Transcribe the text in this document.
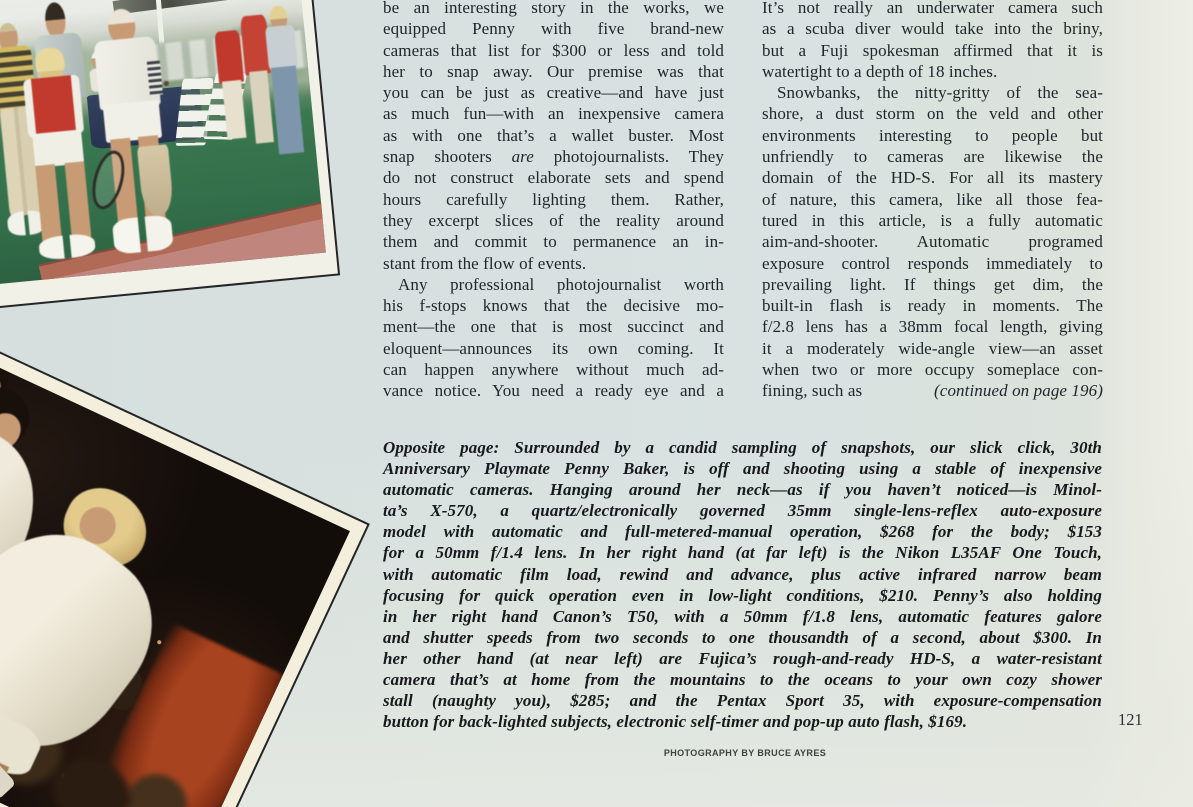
be an interesting story in the works, we
equipped Penny with five brand-new
cameras that list for $300 or less and told
her to snap away. Our premise was that
you can be just as creative—and have just
as much fun—with an inexpensive camera
as with one that’s a wallet buster. Most
snap shooters are photojournalists. They
do not construct elaborate sets and spend
hours carefully lighting them. Rather,
they excerpt slices of the reality around
them and commit to permanence an in-
stant from the flow of events.
Any professional photojournalist worth
his f-stops knows that the decisive mo-
ment—the one that is most succinct and
eloquent—announces its own coming. It
can happen anywhere without much ad-
vance notice. You need a ready eye and a
It’s not really an underwater camera such
as a scuba diver would take into the briny,
but a Fuji spokesman affirmed that it is
watertight to a depth of 18 inches.
Snowbanks, the nitty-gritty of the sea-
shore, a dust storm on the veld and other
environments interesting to people but
unfriendly to cameras are likewise the
domain of the HD-S. For all its mastery
of nature, this camera, like all those fea-
tured in this article, is a fully automatic
aim-and-shooter. Automatic programed
exposure control responds immediately to
prevailing light. If things get dim, the
built-in flash is ready in moments. The
f/2.8 lens has a 38mm focal length, giving
it a moderately wide-angle view—an asset
when two or more occupy someplace con-
fining, such as	(continued on page 196)
Opposite page: Surrounded by a candid sampling of snapshots, our slick click, 30th
Anniversary Playmate Penny Baker, is off and shooting using a stable of inexpensive
automatic cameras. Hanging around her neck—as if you haven’t noticed—is Minol-
ta’s X-570, a quartz/electronically governed 35mm single-lens-reflex auto-exposure
model with automatic and full-metered-manual operation, $268 for the body; $153
for a 50mm f/1.4 lens. In her right hand (at far left) is the Nikon L35AF One Touch,
with automatic film load, rewind and advance, plus active infrared narrow beam
focusing for quick operation even in low-light conditions, $210. Penny’s also holding
in her right hand Canon’s T50, with a 50mm f/1.8 lens, automatic features galore
and shutter speeds from two seconds to one thousandth of a second, about $300. In
her other hand (at near left) are Fujica’s rough-and-ready HD-S, a water-resistant
camera that’s at home from the mountains to the oceans to your own cozy shower
stall (naughty you), $285; and the Pentax Sport 35, with exposure-compensation
button for back-lighted subjects, electronic self-timer and pop-up auto flash, $169.	121
PHOTOGRAPHY BY BRUCE AYRES
